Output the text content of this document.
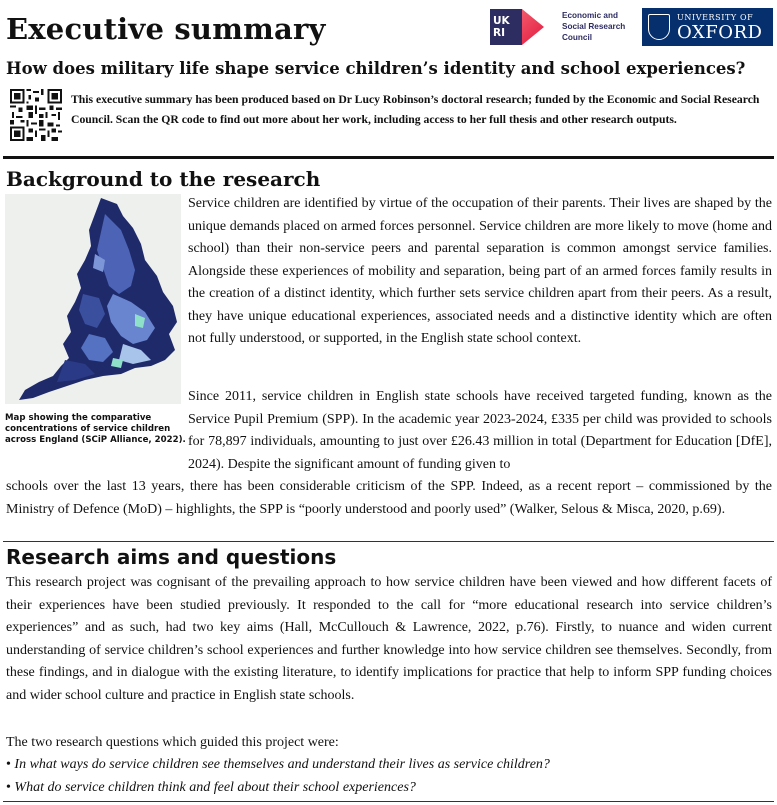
Executive summary	UK RI
Economic and Social Research Council
UNIVERSITY OF
OXFORD
How does military life shape service children’s identity and school experiences?

This executive summary has been produced based on Dr Lucy Robinson’s doctoral research; funded by the Economic and Social Research Council. Scan the QR code to find out more about her work, including access to her full thesis and other research outputs.

Background to the research

Map showing the comparative concentrations of service children across England (SCiP Alliance, 2022).

Service children are identified by virtue of the occupation of their parents. Their lives are shaped by the unique demands placed on armed forces personnel. Service children are more likely to move (home and school) than their non-service peers and parental separation is common amongst service families. Alongside these experiences of mobility and separation, being part of an armed forces family results in the creation of a distinct identity, which further sets service children apart from their peers. As a result, they have unique educational experiences, associated needs and a distinctive identity which are often not fully understood, or supported, in the English state school context.

Since 2011, service children in English state schools have received targeted funding, known as the Service Pupil Premium (SPP). In the academic year 2023-2024, £335 per child was provided to schools for 78,897 individuals, amounting to just over £26.43 million in total (Department for Education [DfE], 2024). Despite the significant amount of funding given to

schools over the last 13 years, there has been considerable criticism of the SPP. Indeed, as a recent report – commissioned by the Ministry of Defence (MoD) – highlights, the SPP is “poorly understood and poorly used” (Walker, Selous & Misca, 2020, p.69).

Research aims and questions

This research project was cognisant of the prevailing approach to how service children have been viewed and how different facets of their experiences have been studied previously. It responded to the call for “more educational research into service children’s experiences” and as such, had two key aims (Hall, McCullouch & Lawrence, 2022, p.76). Firstly, to nuance and widen current understanding of service children’s school experiences and further knowledge into how service children see themselves. Secondly, from these findings, and in dialogue with the existing literature, to identify implications for practice that help to inform SPP funding choices and wider school culture and practice in English state schools.

The two research questions which guided this project were:

• In what ways do service children see themselves and understand their lives as service children?
• What do service children think and feel about their school experiences?
